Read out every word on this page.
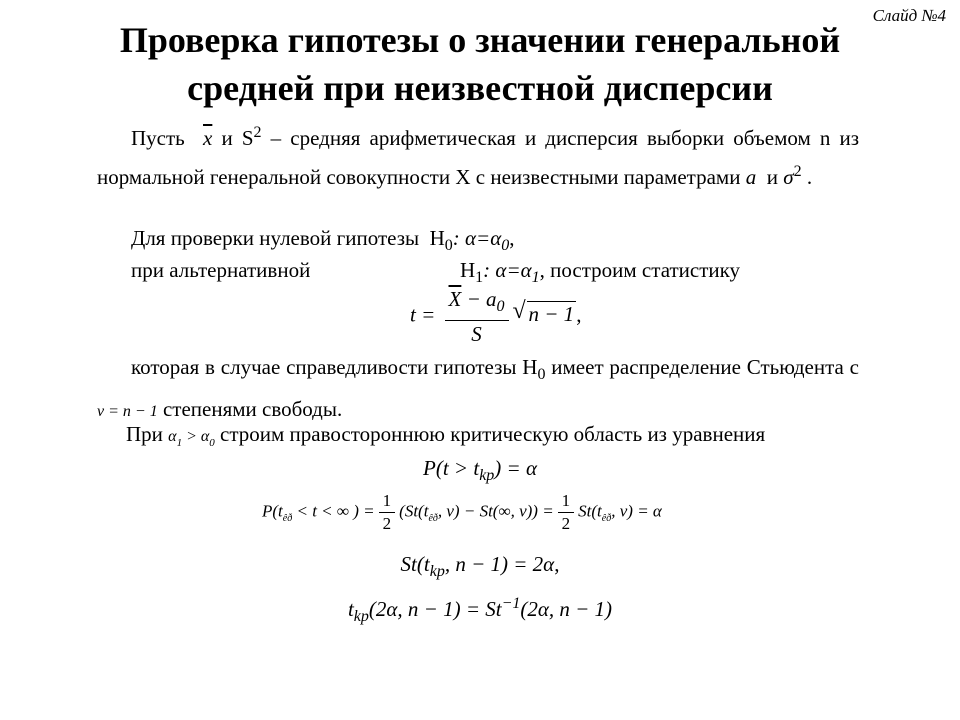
Слайд №4
Проверка гипотезы о значении генеральной
средней при неизвестной дисперсии
Пусть $\overline{x}$ и $S^2$ – средняя арифметическая и дисперсия выборки объемом n из нормальной генеральной совокупности X с неизвестными параметрами a и $\sigma^2$ .
Для проверки нулевой гипотезы $H_0$: $\alpha=\alpha_0$,
при альтернативной	$H_1$: $\alpha=\alpha_1$, построим статистику
$t = \frac{\overline{X} - a_0}{S}$ √ n − 1,
которая в случае справедливости гипотезы $H_0$ имеет распределение Стьюдента с ν = n − 1 степенями свободы.
При $\alpha_1 > \alpha_0$ строим правостороннюю критическую область из уравнения
$P(t > t_{kp}) = \alpha$
$P(t_{êð} < t$ < ∞ ) = $\frac{1}{2} (St(t_{êð}$, ν) − St(∞, $\nu)) = \frac{1}{2} St(t_{êð}$, ν) = α
$St(t_{kp}$, n − 1) = 2α,
$t_{kp}(2\alpha$, $n - 1) = St^{-1}(2\alpha$, n − 1)
